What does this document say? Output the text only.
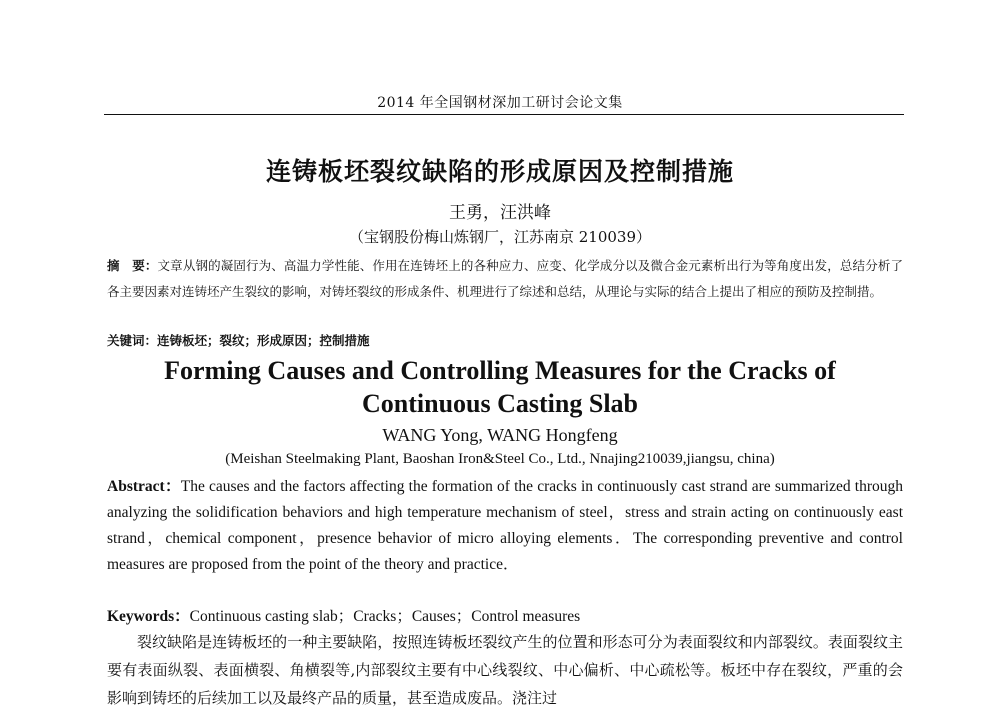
2014 年全国钢材深加工研讨会论文集
连铸板坯裂纹缺陷的形成原因及控制措施
王勇，汪洪峰
（宝钢股份梅山炼钢厂，江苏南京 210039）
摘　要：文章从钢的凝固行为、高温力学性能、作用在连铸坯上的各种应力、应变、化学成分以及微合金元素析出行为等角度出发，总结分析了各主要因素对连铸坯产生裂纹的影响，对铸坯裂纹的形成条件、机理进行了综述和总结，从理论与实际的结合上提出了相应的预防及控制措。
关键词：连铸板坯；裂纹；形成原因；控制措施
Forming Causes and Controlling Measures for the Cracks of
Continuous Casting Slab
WANG Yong, WANG Hongfeng
(Meishan Steelmaking Plant, Baoshan Iron&Steel Co., Ltd., Nnajing210039,jiangsu, china)
Abstract：The causes and the factors affecting the formation of the cracks in continuously cast strand are summarized through analyzing the solidification behaviors and high temperature mechanism of steel，stress and strain acting on continuously east strand，chemical component，presence behavior of micro alloying elements．The corresponding preventive and control measures are proposed from the point of the theory and practice．
Keywords：Continuous casting slab；Cracks；Causes；Control measures
裂纹缺陷是连铸板坯的一种主要缺陷，按照连铸板坯裂纹产生的位置和形态可分为表面裂纹和内部裂纹。表面裂纹主要有表面纵裂、表面横裂、角横裂等,内部裂纹主要有中心线裂纹、中心偏析、中心疏松等。板坯中存在裂纹，严重的会影响到铸坯的后续加工以及最终产品的质量，甚至造成废品。浇注过
